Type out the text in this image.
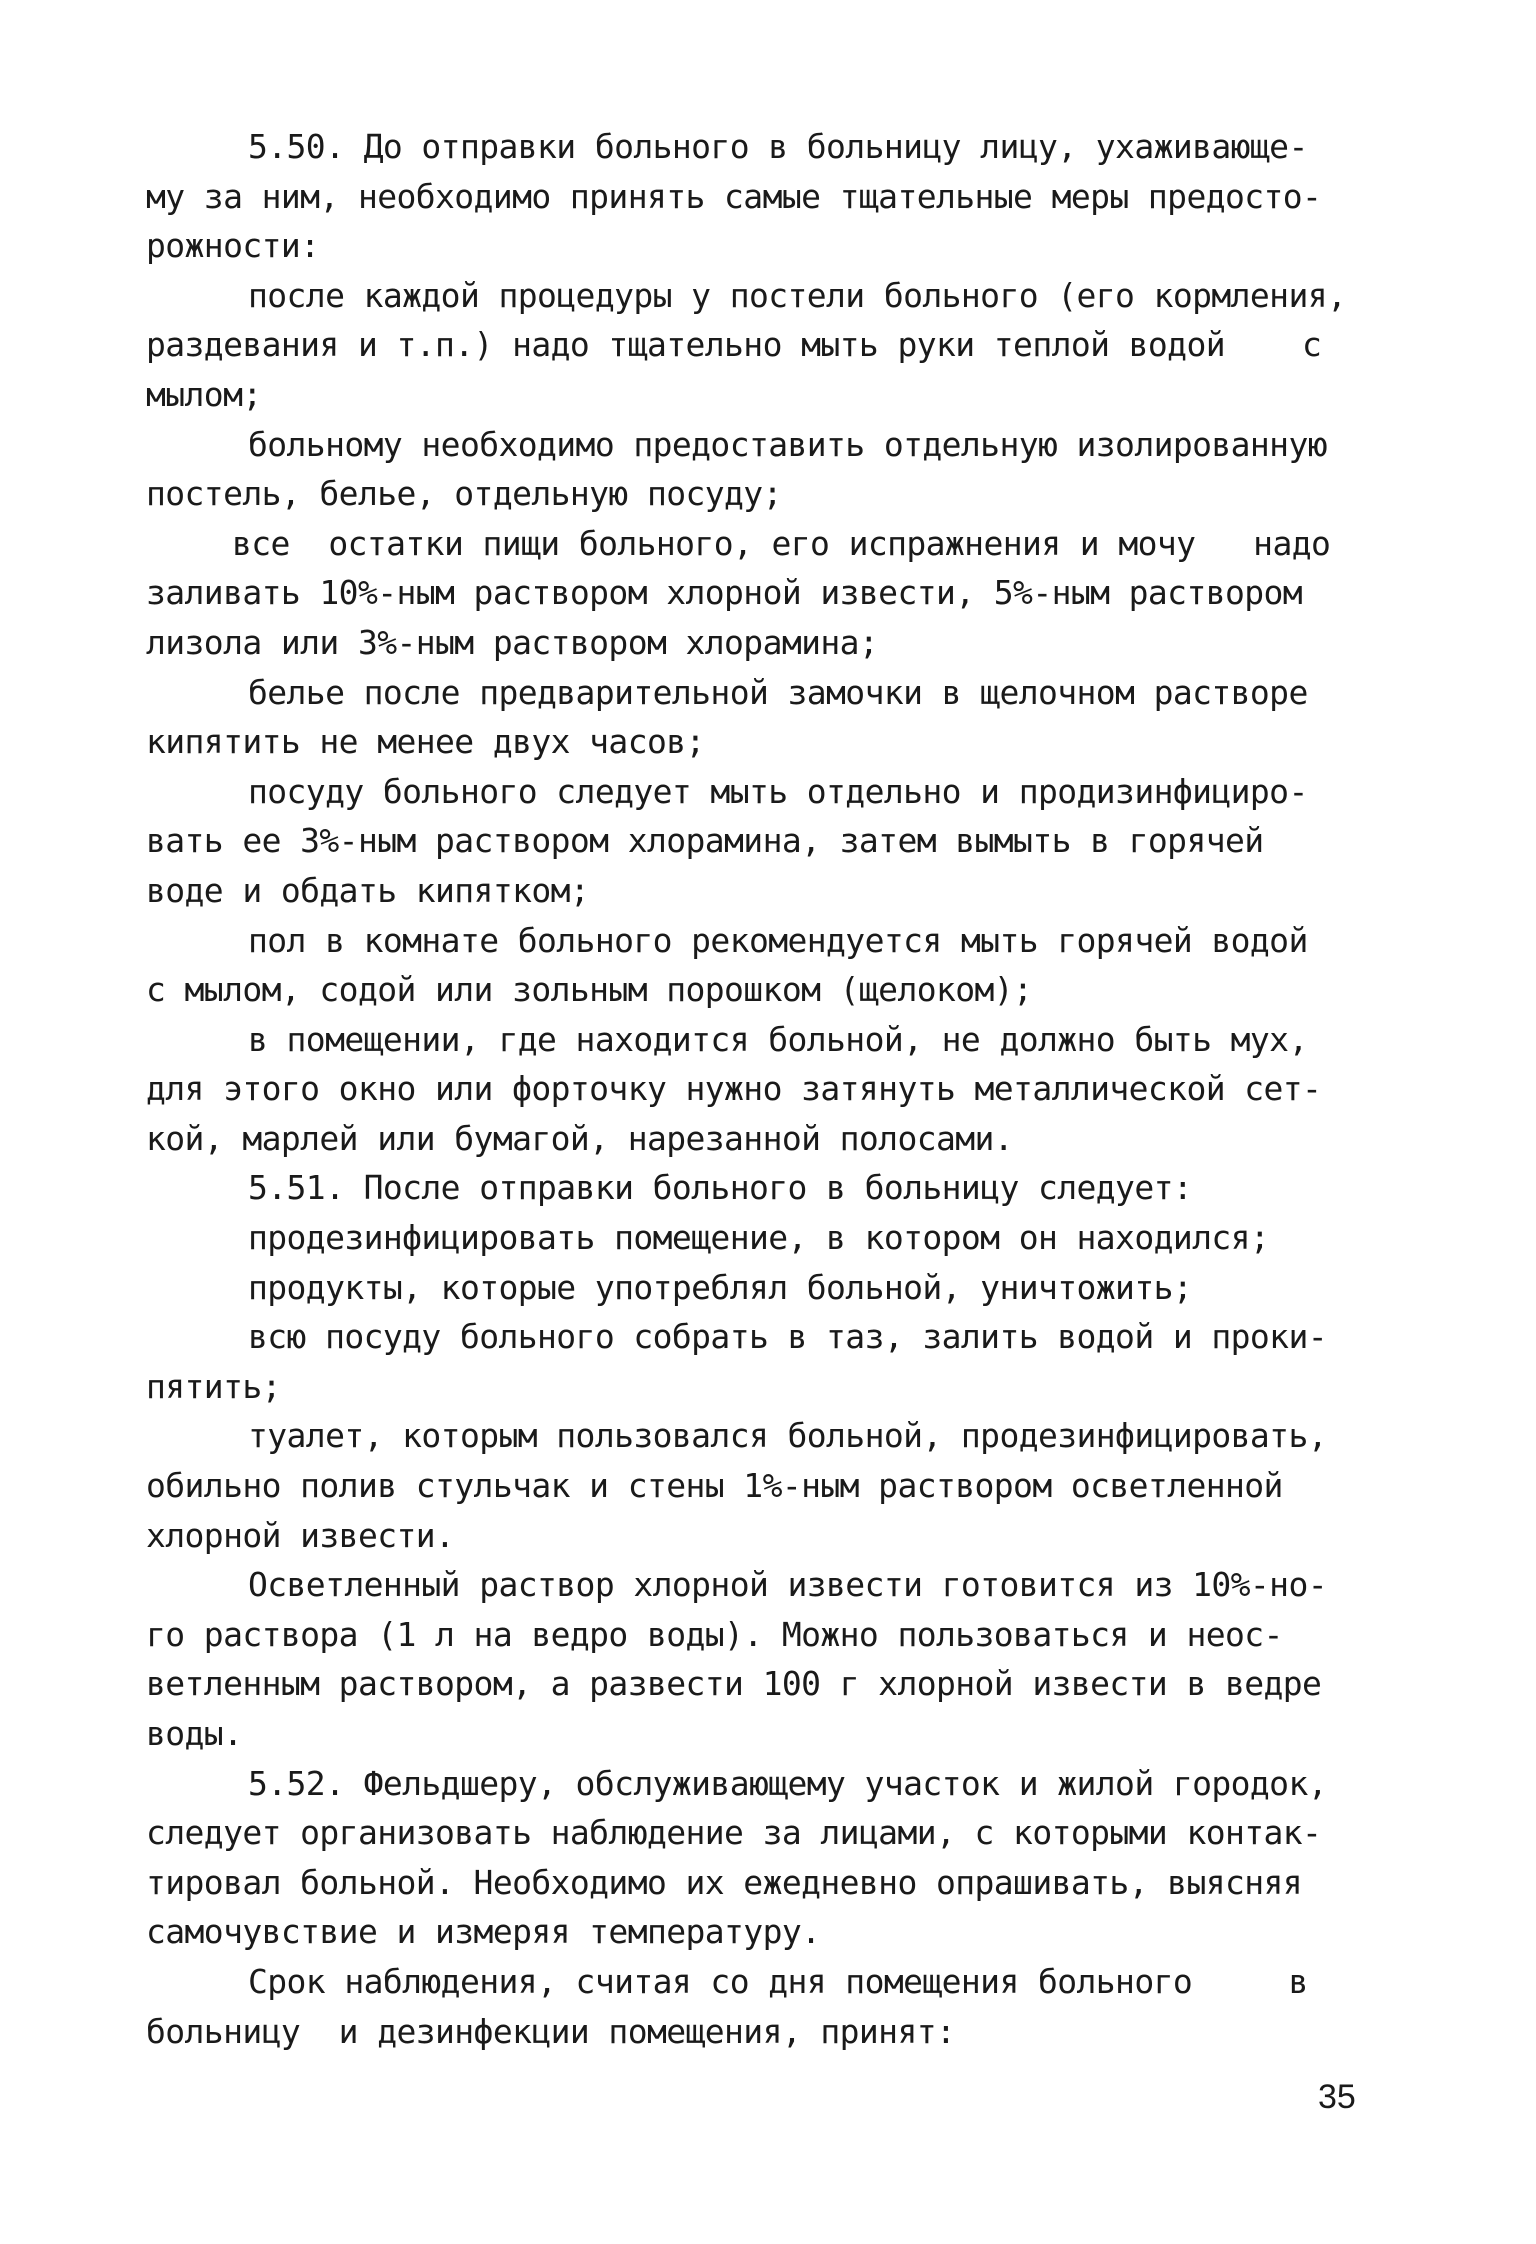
5.50. До отправки больного в больницу лицу, ухаживающе-
му за ним, необходимо принять самые тщательные меры предосто-
рожности:
после каждой процедуры у постели больного (его кормления,
раздевания и т.п.) надо тщательно мыть руки теплой водой    с
мылом;
больному необходимо предоставить отдельную изолированную
постель, белье, отдельную посуду;
все  остатки пищи больного, его испражнения и мочу   надо
заливать 10%-ным раствором хлорной извести, 5%-ным раствором
лизола или 3%-ным раствором хлорамина;
белье после предварительной замочки в щелочном растворе
кипятить не менее двух часов;
посуду больного следует мыть отдельно и продизинфициро-
вать ее 3%-ным раствором хлорамина, затем вымыть в горячей
воде и обдать кипятком;
пол в комнате больного рекомендуется мыть горячей водой
с мылом, содой или зольным порошком (щелоком);
в помещении, где находится больной, не должно быть мух,
для этого окно или форточку нужно затянуть металлической сет-
кой, марлей или бумагой, нарезанной полосами.
5.51. После отправки больного в больницу следует:
продезинфицировать помещение, в котором он находился;
продукты, которые употреблял больной, уничтожить;
всю посуду больного собрать в таз, залить водой и проки-
пятить;
туалет, которым пользовался больной, продезинфицировать,
обильно полив стульчак и стены 1%-ным раствором осветленной
хлорной извести.
Осветленный раствор хлорной извести готовится из 10%-но-
го раствора (1 л на ведро воды). Можно пользоваться и неос-
ветленным раствором, а развести 100 г хлорной извести в ведре
воды.
5.52. Фельдшеру, обслуживающему участок и жилой городок,
следует организовать наблюдение за лицами, с которыми контак-
тировал больной. Необходимо их ежедневно опрашивать, выясняя
самочувствие и измеряя температуру.
Срок наблюдения, считая со дня помещения больного     в
больницу  и дезинфекции помещения, принят:
35
